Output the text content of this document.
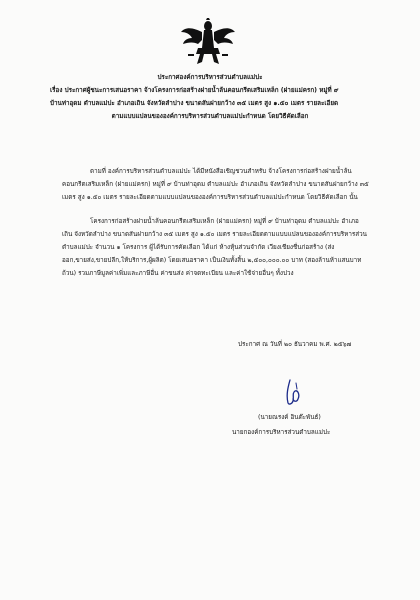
ประกาศองค์การบริหารส่วนตำบลแม่ปะ
เรื่อง ประกาศผู้ชนะการเสนอราคา จ้างโครงการก่อสร้างฝายน้ำล้นคอนกรีตเสริมเหล็ก (ฝายแม่ครก) หมู่ที่ ๙
บ้านท่าอุดม ตำบลแม่ปะ อำเภอเถิน จังหวัดลำปาง ขนาดสันฝายกว้าง ๓๕ เมตร สูง ๑.๕๐ เมตร รายละเอียด
ตามแบบแปลนขององค์การบริหารส่วนตำบลแม่ปะกำหนด โดยวิธีคัดเลือก
ตามที่ องค์การบริหารส่วนตำบลแม่ปะ ได้มีหนังสือเชิญชวนสำหรับ จ้างโครงการก่อสร้างฝายน้ำล้น
คอนกรีตเสริมเหล็ก (ฝายแม่ครก) หมู่ที่ ๙ บ้านท่าอุดม ตำบลแม่ปะ อำเภอเถิน จังหวัดลำปาง ขนาดสันฝายกว้าง ๓๕
เมตร สูง ๑.๕๐ เมตร รายละเอียดตามแบบแปลนขององค์การบริหารส่วนตำบลแม่ปะกำหนด โดยวิธีคัดเลือก นั้น
โครงการก่อสร้างฝายน้ำล้นคอนกรีตเสริมเหล็ก (ฝายแม่ครก) หมู่ที่ ๙ บ้านท่าอุดม ตำบลแม่ปะ อำเภอ
เถิน จังหวัดลำปาง ขนาดสันฝายกว้าง ๓๕ เมตร สูง ๑.๕๐ เมตร รายละเอียดตามแบบแปลนขององค์การบริหารส่วน
ตำบลแม่ปะ จำนวน ๑ โครงการ ผู้ได้รับการคัดเลือก ได้แก่ ห้างหุ้นส่วนจำกัด เวียงเชียงชื่นก่อสร้าง (ส่ง
ออก,ขายส่ง,ขายปลีก,ให้บริการ,ผู้ผลิต) โดยเสนอราคา เป็นเงินทั้งสิ้น ๒,๕๐๐,๐๐๐.๐๐ บาท (สองล้านห้าแสนบาท
ถ้วน) รวมภาษีมูลค่าเพิ่มและภาษีอื่น ค่าขนส่ง ค่าจดทะเบียน และค่าใช้จ่ายอื่นๆ ทั้งปวง
ประกาศ ณ วันที่ ๒๐ ธันวาคม พ.ศ. ๒๕๖๗
(นายณรงค์ อินต๊ะพันธ์)
นายกองค์การบริหารส่วนตำบลแม่ปะ
